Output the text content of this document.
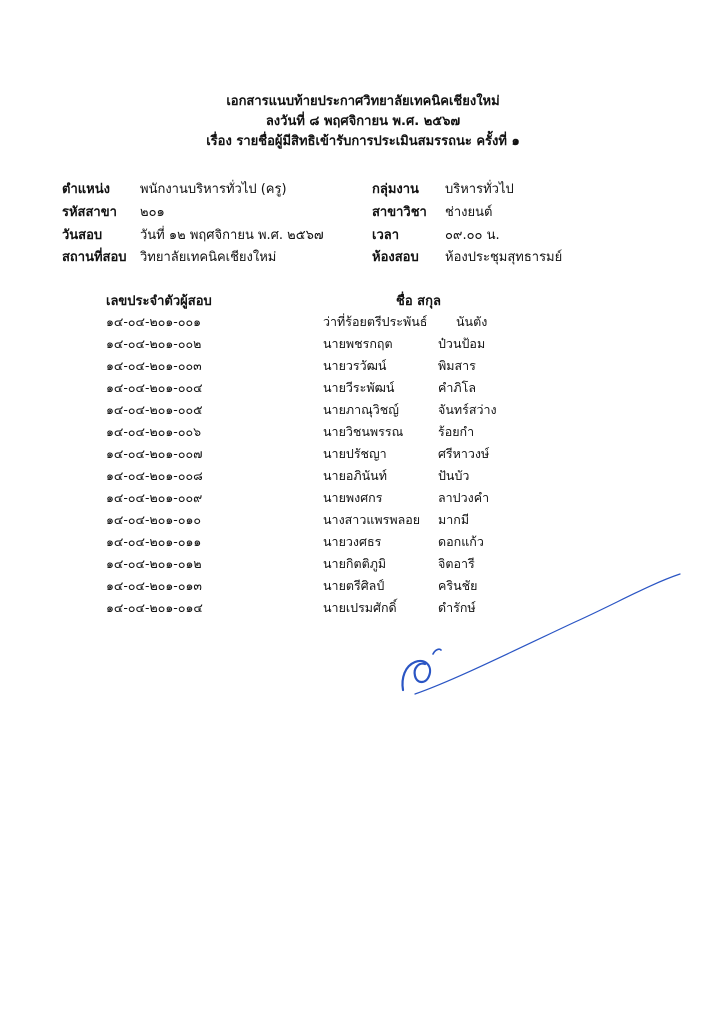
เอกสารแนบท้ายประกาศวิทยาลัยเทคนิคเชียงใหม่
ลงวันที่ ๘ พฤศจิกายน พ.ศ. ๒๕๖๗
เรื่อง รายชื่อผู้มีสิทธิเข้ารับการประเมินสมรรถนะ ครั้งที่ ๑
ตำแหน่ง พนักงานบริหารทั่วไป (ครู)	กลุ่มงาน บริหารทั่วไป
รหัสสาขา ๒๐๑	สาขาวิชา ช่างยนต์
วันสอบ	วันที่ ๑๒ พฤศจิกายน พ.ศ. ๒๕๖๗	เวลา	๐๙.๐๐ น.
สถานที่สอบ วิทยาลัยเทคนิคเชียงใหม่	ห้องสอบ ห้องประชุมสุทธารมย์
เลขประจำตัวผู้สอบ	ชื่อ สกุล
๑๔-๐๔-๒๐๑-๐๐๑	ว่าที่ร้อยตรีประพันธ์ นันตัง
๑๔-๐๔-๒๐๑-๐๐๒	นายพชรกฤต	ป๋วนป้อม
๑๔-๐๔-๒๐๑-๐๐๓	นายวรวัฒน์	พิมสาร
๑๔-๐๔-๒๐๑-๐๐๔	นายวีระพัฒน์	คำภิโล
๑๔-๐๔-๒๐๑-๐๐๕	นายภาณุวิชญ์	จันทร์สว่าง
๑๔-๐๔-๒๐๑-๐๐๖	นายวิชนพรรณ	ร้อยกำ
๑๔-๐๔-๒๐๑-๐๐๗	นายปรัชญา	ศรีหาวงษ์
๑๔-๐๔-๒๐๑-๐๐๘	นายอภินันท์	ปันบัว
๑๔-๐๔-๒๐๑-๐๐๙	นายพงศกร	ลาปวงคำ
๑๔-๐๔-๒๐๑-๐๑๐	นางสาวแพรพลอย มากมี
๑๔-๐๔-๒๐๑-๐๑๑	นายวงศธร	ดอกแก้ว
๑๔-๐๔-๒๐๑-๐๑๒	นายกิตติภูมิ	จิตอารี
๑๔-๐๔-๒๐๑-๐๑๓	นายตรีศิลป์	ครินชัย
๑๔-๐๔-๒๐๑-๐๑๔	นายเปรมศักดิ์	ดำรักษ์
